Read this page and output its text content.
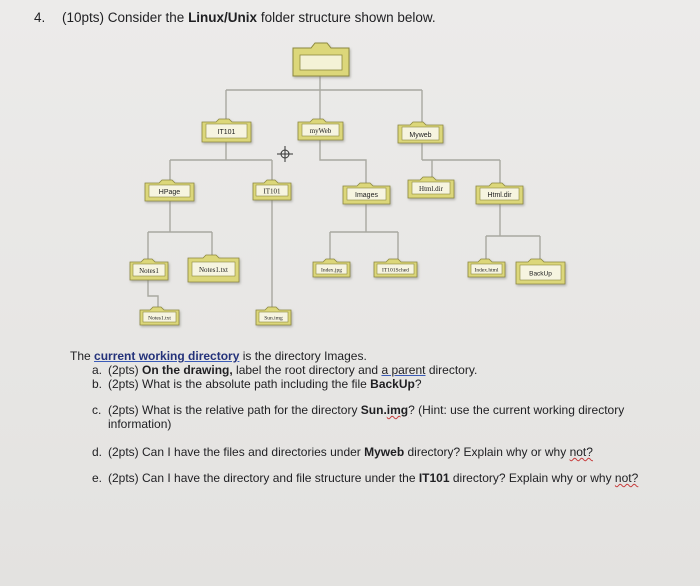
4. (10pts) Consider the Linux/Unix folder structure shown below.
IT101	myWeb
Myweb
HPage	IT101	Images
Html.dir
Html.dir
Notes1	Notes1.txt	Index.jpg	IT101Sched	Index.html	BackUp
Notes1.txt	Sun.img
The current working directory is the directory Images.
a. (2pts) On the drawing, label the root directory and a parent directory.
b. (2pts) What is the absolute path including the file BackUp?
c. (2pts) What is the relative path for the directory Sun.img? (Hint: use the current working directory
information)
d. (2pts) Can I have the files and directories under Myweb directory? Explain why or why not?
e. (2pts) Can I have the directory and file structure under the IT101 directory? Explain why or why not?
